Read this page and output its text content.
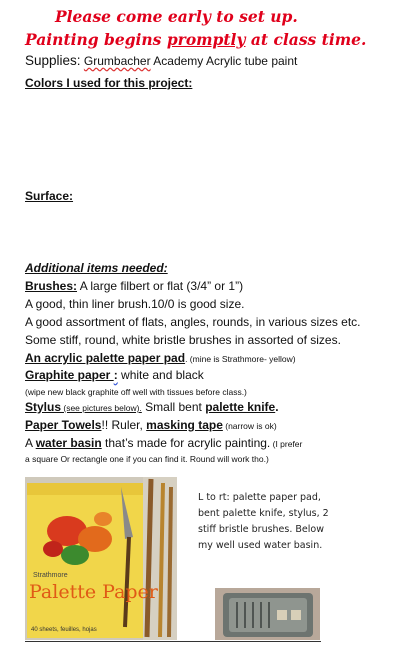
Please come early to set up.
Painting begins promptly at class time.
Supplies: Grumbacher Academy Acrylic tube paint
Colors I used for this project:
Surface:
Additional items needed:
Brushes: A large filbert or flat (3/4” or 1”)
A good, thin liner brush.10/0 is good size.
A good assortment of flats, angles, rounds, in various sizes etc.
Some stiff, round, white bristle brushes in assorted of sizes.
An acrylic palette paper pad. (mine is Strathmore- yellow)
Graphite paper : white and black
(wipe new black graphite off well with tissues before class.)
Stylus (see pictures below). Small bent palette knife.
Paper Towels!! Ruler, masking tape (narrow is ok)
A water basin that’s made for acrylic painting. (I prefer
a square Or rectangle one if you can find it. Round will work tho.)
Strathmore
Palette Paper
40 sheets, feuilles, hojas
L to rt: palette paper pad, bent palette knife, stylus, 2 stiff bristle brushes. Below my well used water basin.
